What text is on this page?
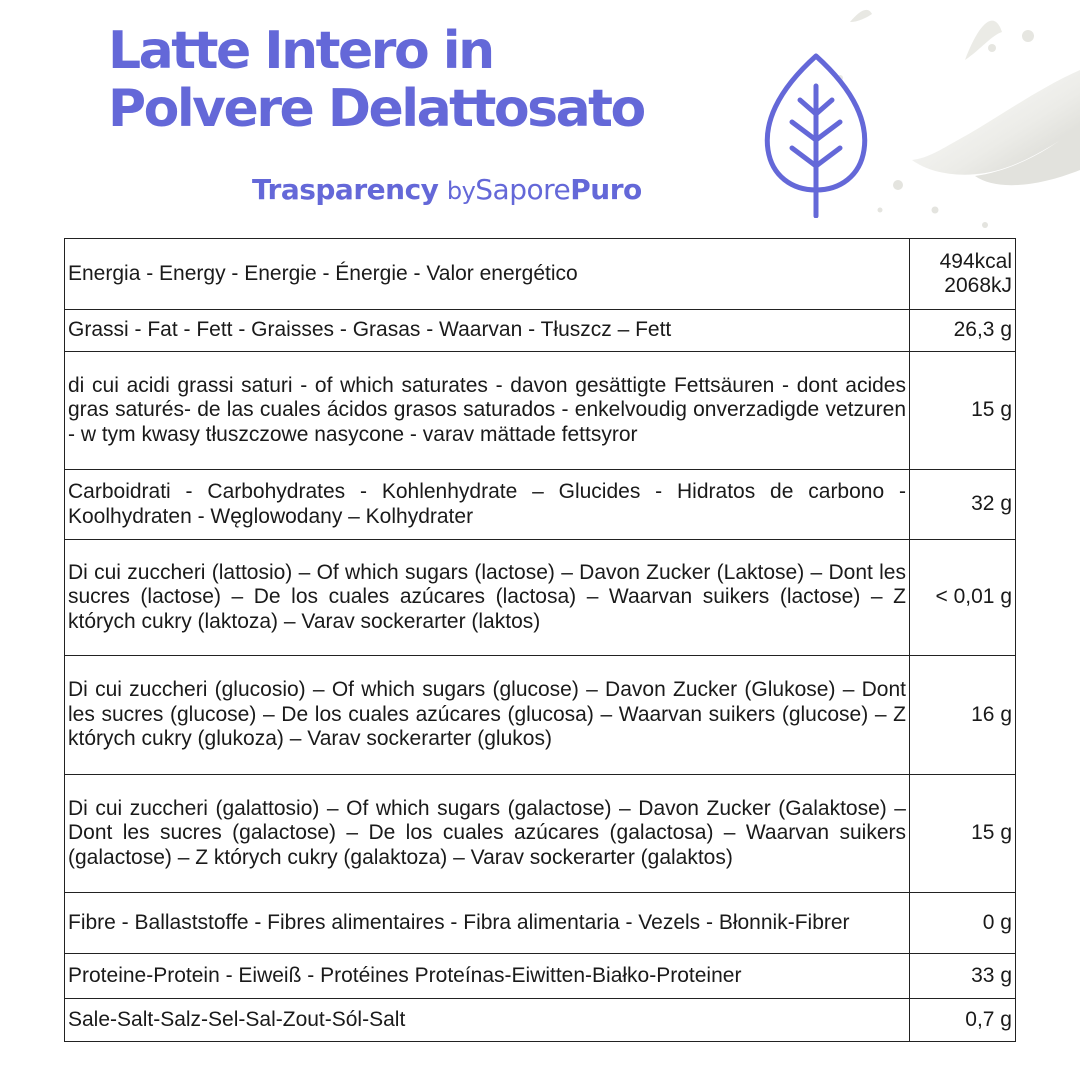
Latte Intero in
Polvere Delattosato
Trasparency bySaporePuro
Energia - Energy - Energie - Énergie - Valor energético	494kcal
2068kJ

Grassi - Fat - Fett - Graisses - Grasas - Waarvan - Tłuszcz – Fett	26,3 g
di cui acidi grassi saturi - of which saturates - davon gesättigte Fettsäuren - dont acides gras saturés- de las cuales ácidos grasos saturados - enkelvoudig onverzadigde vetzuren - w tym kwasy tłuszczowe nasycone - varav mättade fettsyror	15 g
Carboidrati - Carbohydrates - Kohlenhydrate – Glucides - Hidratos de carbono - Koolhydraten - Węglowodany – Kolhydrater	32 g
Di cui zuccheri (lattosio) – Of which sugars (lactose) – Davon Zucker (Laktose) – Dont les sucres (lactose) – De los cuales azúcares (lactosa) – Waarvan suikers (lactose) – Z których cukry (laktoza) – Varav sockerarter (laktos)	< 0,01 g
Di cui zuccheri (glucosio) – Of which sugars (glucose) – Davon Zucker (Glukose) – Dont les sucres (glucose) – De los cuales azúcares (glucosa) – Waarvan suikers (glucose) – Z których cukry (glukoza) – Varav sockerarter (glukos)	16 g
Di cui zuccheri (galattosio) – Of which sugars (galactose) – Davon Zucker (Galaktose) – Dont les sucres (galactose) – De los cuales azúcares (galactosa) – Waarvan suikers (galactose) – Z których cukry (galaktoza) – Varav sockerarter (galaktos)	15 g
Fibre - Ballaststoffe - Fibres alimentaires - Fibra alimentaria - Vezels - Błonnik-Fibrer	0 g
Proteine-Protein - Eiweiß - Protéines Proteínas-Eiwitten-Białko-Proteiner	33 g
Sale-Salt-Salz-Sel-Sal-Zout-Sól-Salt	0,7 g
